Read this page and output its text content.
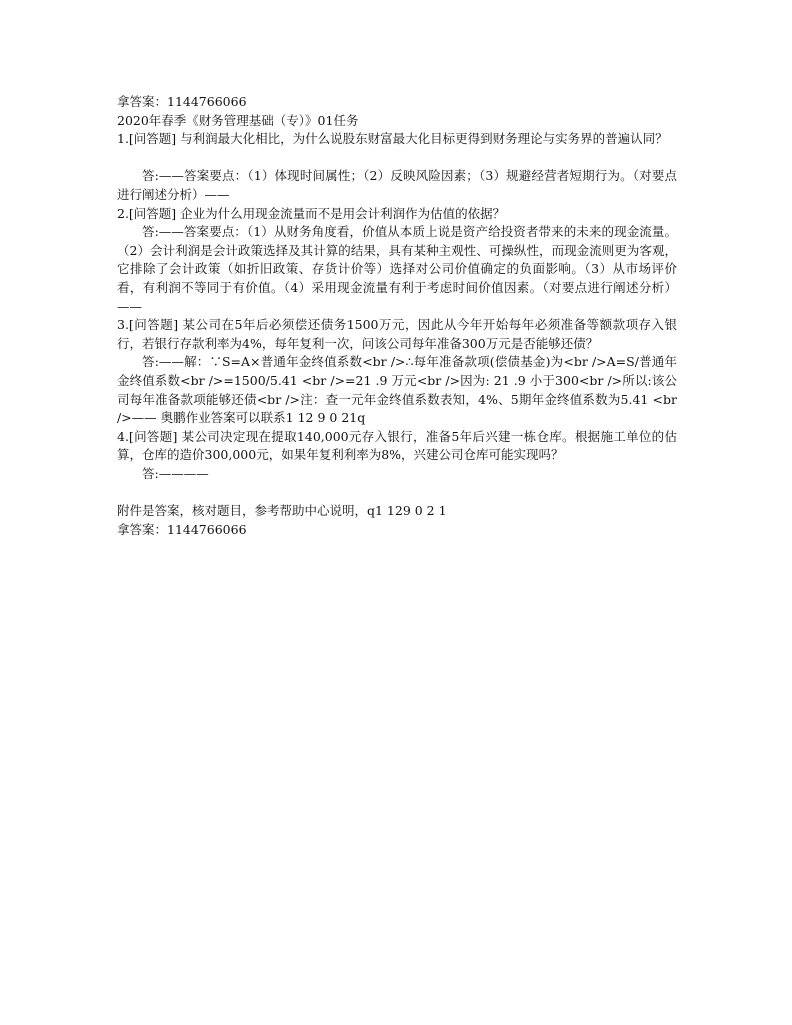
拿答案：1144766066
2020年春季《财务管理基础（专）》01任务
1.[问答题] 与利润最大化相比，为什么说股东财富最大化目标更得到财务理论与实务界的普遍认同？
答:——答案要点：（1）体现时间属性；（2）反映风险因素；（3）规避经营者短期行为。（对要点进行阐述分析）——
2.[问答题] 企业为什么用现金流量而不是用会计利润作为估值的依据？
答:——答案要点：（1）从财务角度看，价值从本质上说是资产给投资者带来的未来的现金流量。（2）会计利润是会计政策选择及其计算的结果，具有某种主观性、可操纵性，而现金流则更为客观，它排除了会计政策（如折旧政策、存货计价等）选择对公司价值确定的负面影响。（3）从市场评价看，有利润不等同于有价值。（4）采用现金流量有利于考虑时间价值因素。（对要点进行阐述分析）——
3.[问答题] 某公司在5年后必须偿还债务1500万元，因此从今年开始每年必须准备等额款项存入银行，若银行存款利率为4%，每年复利一次，问该公司每年准备300万元是否能够还债？
答:——解：∵S=A×普通年金终值系数<br />∴每年准备款项(偿债基金)为<br />A=S/普通年金终值系数<br />=1500/5.41 <br />=21 .9 万元<br />因为: 21 .9 小于300<br />所以:该公司每年准备款项能够还债<br />注：查一元年金终值系数表知，4%、5期年金终值系数为5.41 <br />—— 奥鹏作业答案可以联系1 12 9 0 21q
4.[问答题] 某公司决定现在提取140,000元存入银行，准备5年后兴建一栋仓库。根据施工单位的估算，仓库的造价300,000元，如果年复利利率为8%，兴建公司仓库可能实现吗？
答:————
附件是答案，核对题目，参考帮助中心说明，q1 129 0 2 1
拿答案：1144766066
